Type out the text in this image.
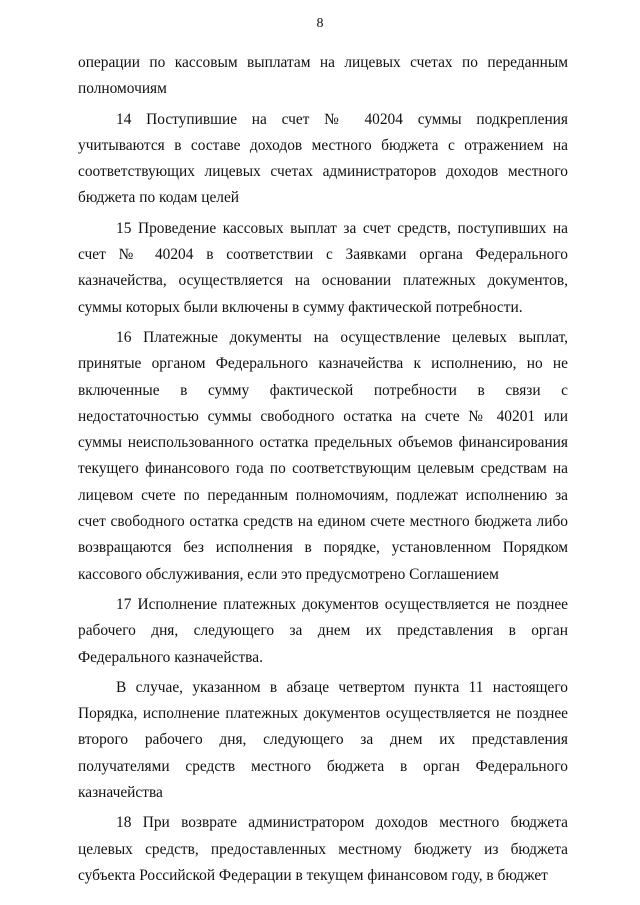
8

операции по кассовым выплатам на лицевых счетах по переданным полномочиям

14 Поступившие на счет № 40204 суммы подкрепления учитываются в составе доходов местного бюджета с отражением на соответствующих лицевых счетах администраторов доходов местного бюджета по кодам целей

15 Проведение кассовых выплат за счет средств, поступивших на счет № 40204 в соответствии с Заявками органа Федерального казначейства, осуществляется на основании платежных документов, суммы которых были включены в сумму фактической потребности.

16 Платежные документы на осуществление целевых выплат, принятые органом Федерального казначейства к исполнению, но не включенные в сумму фактической потребности в связи с недостаточностью суммы свободного остатка на счете № 40201 или суммы неиспользованного остатка предельных объемов финансирования текущего финансового года по соответствующим целевым средствам на лицевом счете по переданным полномочиям, подлежат исполнению за счет свободного остатка средств на едином счете местного бюджета либо возвращаются без исполнения в порядке, установленном Порядком кассового обслуживания, если это предусмотрено Соглашением

17 Исполнение платежных документов осуществляется не позднее рабочего дня, следующего за днем их представления в орган Федерального казначейства.

В случае, указанном в абзаце четвертом пункта 11 настоящего Порядка, исполнение платежных документов осуществляется не позднее второго рабочего дня, следующего за днем их представления получателями средств местного бюджета в орган Федерального казначейства

18 При возврате администратором доходов местного бюджета целевых средств, предоставленных местному бюджету из бюджета субъекта Российской Федерации в текущем финансовом году, в бюджет
